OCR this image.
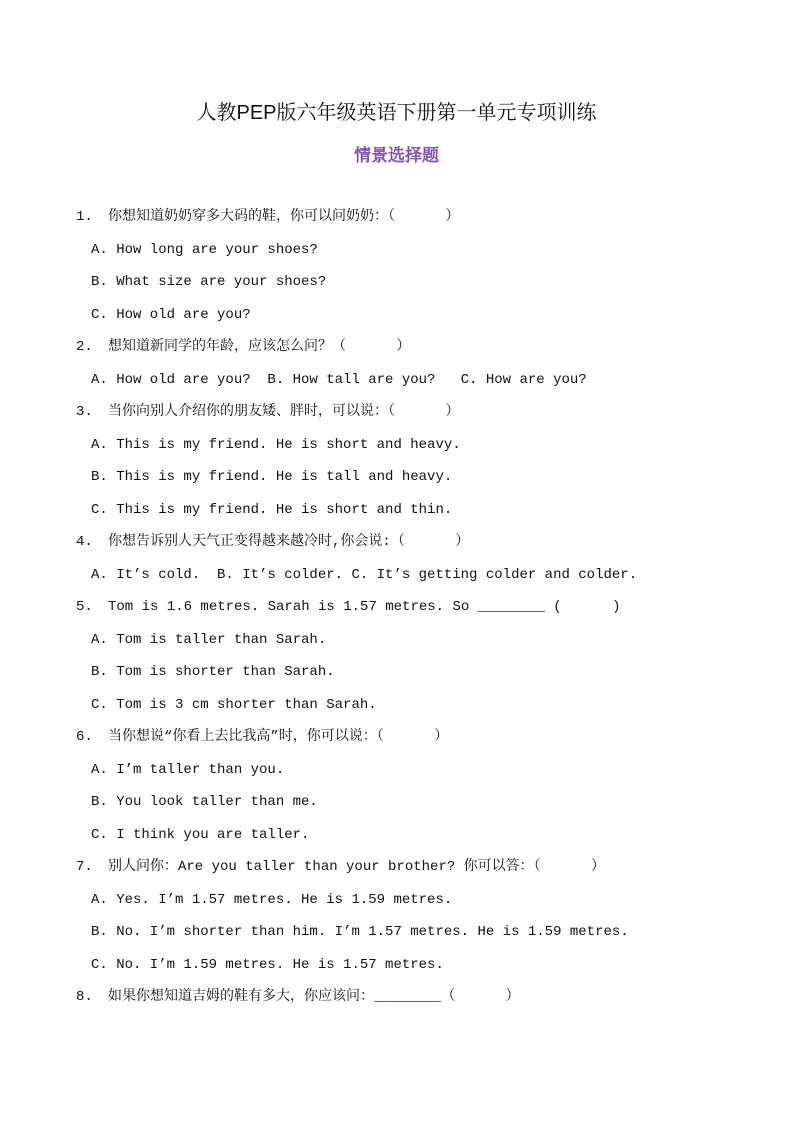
人教PEP版六年级英语下册第一单元专项训练
情景选择题
1. 你想知道奶奶穿多大码的鞋，你可以问奶奶：（      ）
A. How long are your shoes?
B. What size are your shoes?
C. How old are you?
2. 想知道新同学的年龄，应该怎么问？（      ）
A. How old are you?  B. How tall are you?   C. How are you?
3. 当你向别人介绍你的朋友矮、胖时，可以说：（      ）
A. This is my friend. He is short and heavy.
B. This is my friend. He is tall and heavy.
C. This is my friend. He is short and thin.
4. 你想告诉别人天气正变得越来越冷时,你会说:（      ）
A. It’s cold.  B. It’s colder. C. It’s getting colder and colder.
5. Tom is 1.6 metres. Sarah is 1.57 metres. So ________ (      )
A. Tom is taller than Sarah.
B. Tom is shorter than Sarah.
C. Tom is 3 cm shorter than Sarah.
6. 当你想说“你看上去比我高”时，你可以说：（      ）
A. I’m taller than you.
B. You look taller than me.
C. I think you are taller.
7. 别人问你：Are you taller than your brother? 你可以答：（      ）
A. Yes. I’m 1.57 metres. He is 1.59 metres.
B. No. I’m shorter than him. I’m 1.57 metres. He is 1.59 metres.
C. No. I’m 1.59 metres. He is 1.57 metres.
8. 如果你想知道吉姆的鞋有多大，你应该问：________（      ）
